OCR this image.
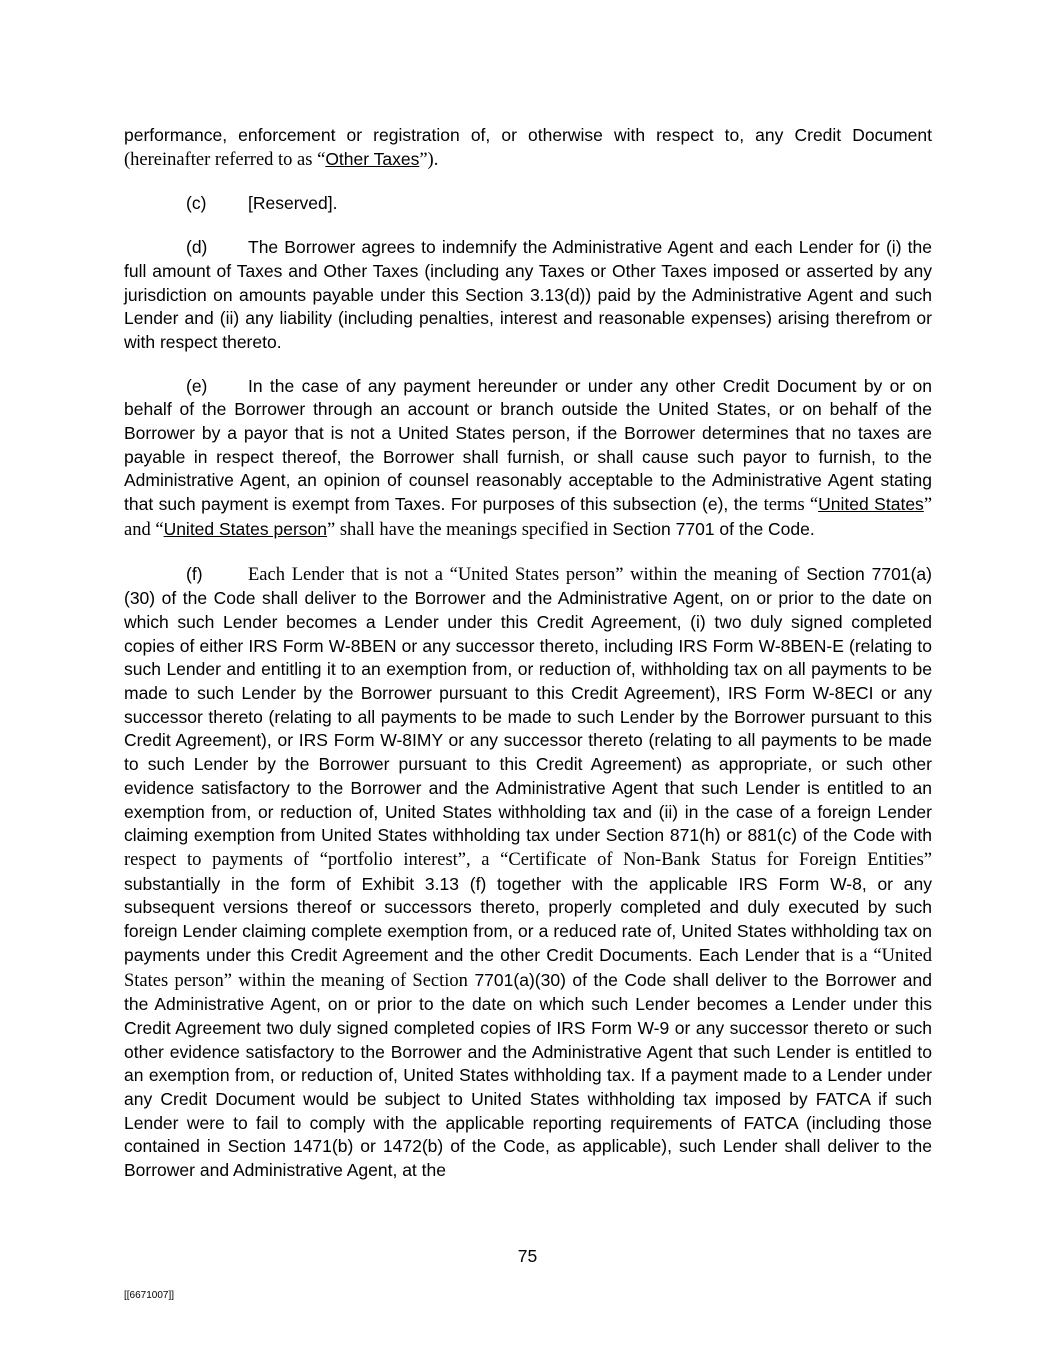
performance, enforcement or registration of, or otherwise with respect to, any Credit Document (hereinafter referred to as “Other Taxes”).

(c) [Reserved].

(d) The Borrower agrees to indemnify the Administrative Agent and each Lender for (i) the full amount of Taxes and Other Taxes (including any Taxes or Other Taxes imposed or asserted by any jurisdiction on amounts payable under this Section 3.13(d)) paid by the Administrative Agent and such Lender and (ii) any liability (including penalties, interest and reasonable expenses) arising therefrom or with respect thereto.

(e) In the case of any payment hereunder or under any other Credit Document by or on behalf of the Borrower through an account or branch outside the United States, or on behalf of the Borrower by a payor that is not a United States person, if the Borrower determines that no taxes are payable in respect thereof, the Borrower shall furnish, or shall cause such payor to furnish, to the Administrative Agent, an opinion of counsel reasonably acceptable to the Administrative Agent stating that such payment is exempt from Taxes. For purposes of this subsection (e), the terms “United States” and “United States person” shall have the meanings specified in Section 7701 of the Code.

(f) Each Lender that is not a “United States person” within the meaning of Section 7701(a)(30) of the Code shall deliver to the Borrower and the Administrative Agent, on or prior to the date on which such Lender becomes a Lender under this Credit Agreement, (i) two duly signed completed copies of either IRS Form W-8BEN or any successor thereto, including IRS Form W-8BEN-E (relating to such Lender and entitling it to an exemption from, or reduction of, withholding tax on all payments to be made to such Lender by the Borrower pursuant to this Credit Agreement), IRS Form W-8ECI or any successor thereto (relating to all payments to be made to such Lender by the Borrower pursuant to this Credit Agreement), or IRS Form W-8IMY or any successor thereto (relating to all payments to be made to such Lender by the Borrower pursuant to this Credit Agreement) as appropriate, or such other evidence satisfactory to the Borrower and the Administrative Agent that such Lender is entitled to an exemption from, or reduction of, United States withholding tax and (ii) in the case of a foreign Lender claiming exemption from United States withholding tax under Section 871(h) or 881(c) of the Code with respect to payments of “portfolio interest”, a “Certificate of Non-Bank Status for Foreign Entities” substantially in the form of Exhibit 3.13 (f) together with the applicable IRS Form W-8, or any subsequent versions thereof or successors thereto, properly completed and duly executed by such foreign Lender claiming complete exemption from, or a reduced rate of, United States withholding tax on payments under this Credit Agreement and the other Credit Documents. Each Lender that is a “United States person” within the meaning of Section 7701(a)(30) of the Code shall deliver to the Borrower and the Administrative Agent, on or prior to the date on which such Lender becomes a Lender under this Credit Agreement two duly signed completed copies of IRS Form W-9 or any successor thereto or such other evidence satisfactory to the Borrower and the Administrative Agent that such Lender is entitled to an exemption from, or reduction of, United States withholding tax. If a payment made to a Lender under any Credit Document would be subject to United States withholding tax imposed by FATCA if such Lender were to fail to comply with the applicable reporting requirements of FATCA (including those contained in Section 1471(b) or 1472(b) of the Code, as applicable), such Lender shall deliver to the Borrower and Administrative Agent, at the

75
[[6671007]]
